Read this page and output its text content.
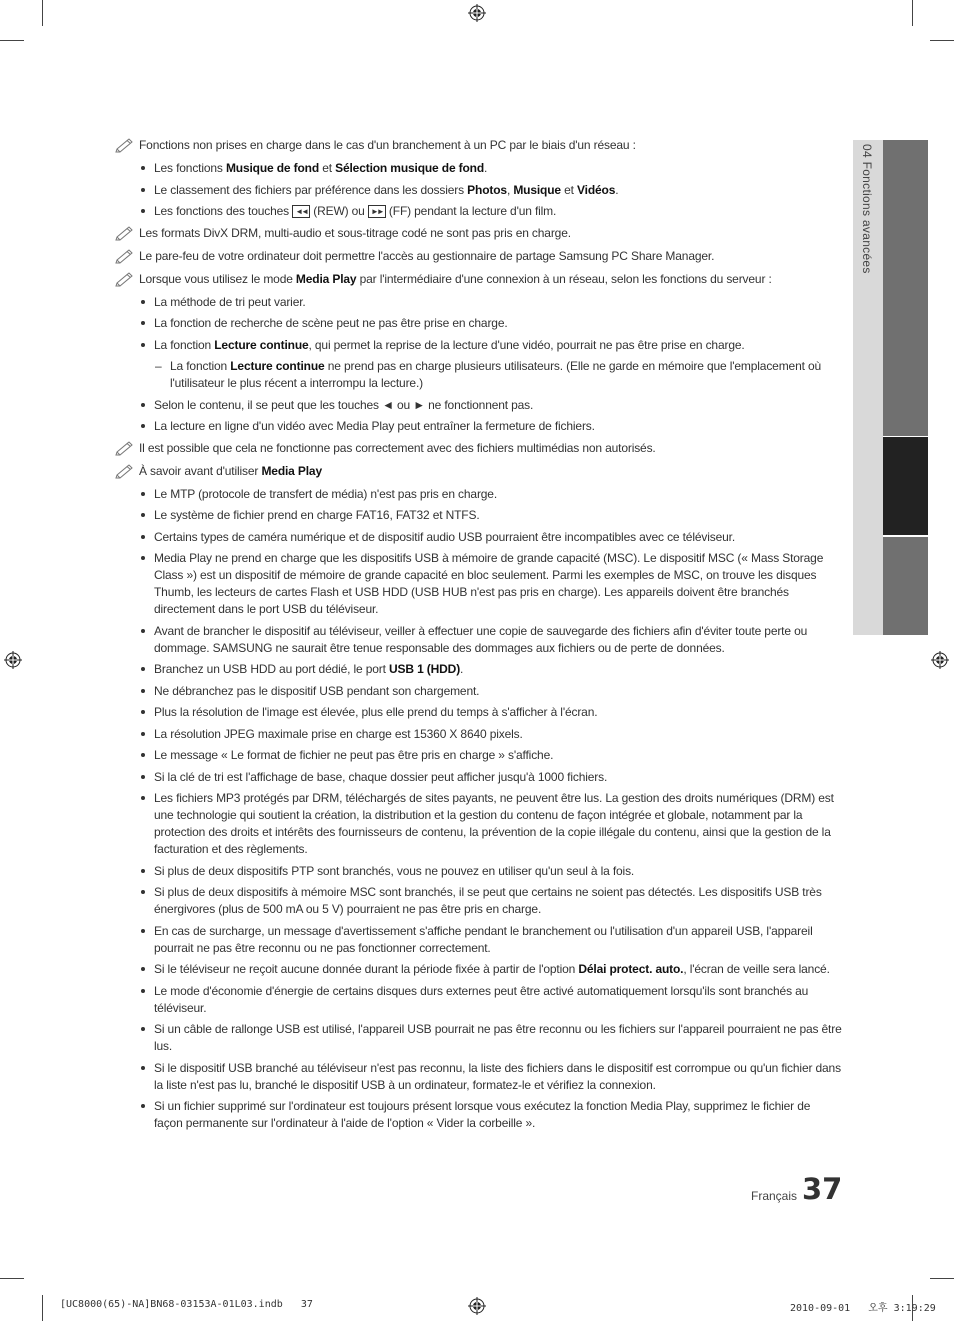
04 Fonctions avancées
Fonctions non prises en charge dans le cas d'un branchement à un PC par le biais d'un réseau :
Les fonctions Musique de fond et Sélection musique de fond.
Le classement des fichiers par préférence dans les dossiers Photos, Musique et Vidéos.
Les fonctions des touches ◄◄ (REW) ou ►► (FF) pendant la lecture d'un film.
Les formats DivX DRM, multi-audio et sous-titrage codé ne sont pas pris en charge.
Le pare-feu de votre ordinateur doit permettre l'accès au gestionnaire de partage Samsung PC Share Manager.
Lorsque vous utilisez le mode Media Play par l'intermédiaire d'une connexion à un réseau, selon les fonctions du serveur :
La méthode de tri peut varier.
La fonction de recherche de scène peut ne pas être prise en charge.
La fonction Lecture continue, qui permet la reprise de la lecture d'une vidéo, pourrait ne pas être prise en charge.
– La fonction Lecture continue ne prend pas en charge plusieurs utilisateurs. (Elle ne garde en mémoire que l'emplacement où l'utilisateur le plus récent a interrompu la lecture.)
Selon le contenu, il se peut que les touches ◄ ou ► ne fonctionnent pas.
La lecture en ligne d'un vidéo avec Media Play peut entraîner la fermeture de fichiers.
Il est possible que cela ne fonctionne pas correctement avec des fichiers multimédias non autorisés.
À savoir avant d'utiliser Media Play
Le MTP (protocole de transfert de média) n'est pas pris en charge.
Le système de fichier prend en charge FAT16, FAT32 et NTFS.
Certains types de caméra numérique et de dispositif audio USB pourraient être incompatibles avec ce téléviseur.
Media Play ne prend en charge que les dispositifs USB à mémoire de grande capacité (MSC). Le dispositif MSC (« Mass Storage Class ») est un dispositif de mémoire de grande capacité en bloc seulement. Parmi les exemples de MSC, on trouve les disques Thumb, les lecteurs de cartes Flash et USB HDD (USB HUB n'est pas pris en charge). Les appareils doivent être branchés directement dans le port USB du téléviseur.
Avant de brancher le dispositif au téléviseur, veiller à effectuer une copie de sauvegarde des fichiers afin d'éviter toute perte ou dommage. SAMSUNG ne saurait être tenue responsable des dommages aux fichiers ou de perte de données.
Branchez un USB HDD au port dédié, le port USB 1 (HDD).
Ne débranchez pas le dispositif USB pendant son chargement.
Plus la résolution de l'image est élevée, plus elle prend du temps à s'afficher à l'écran.
La résolution JPEG maximale prise en charge est 15360 X 8640 pixels.
Le message « Le format de fichier ne peut pas être pris en charge » s'affiche.
Si la clé de tri est l'affichage de base, chaque dossier peut afficher jusqu'à 1000 fichiers.
Les fichiers MP3 protégés par DRM, téléchargés de sites payants, ne peuvent être lus. La gestion des droits numériques (DRM) est une technologie qui soutient la création, la distribution et la gestion du contenu de façon intégrée et globale, notamment par la protection des droits et intérêts des fournisseurs de contenu, la prévention de la copie illégale du contenu, ainsi que la gestion de la facturation et des règlements.
Si plus de deux dispositifs PTP sont branchés, vous ne pouvez en utiliser qu'un seul à la fois.
Si plus de deux dispositifs à mémoire MSC sont branchés, il se peut que certains ne soient pas détectés. Les dispositifs USB très énergivores (plus de 500 mA ou 5 V) pourraient ne pas être pris en charge.
En cas de surcharge, un message d'avertissement s'affiche pendant le branchement ou l'utilisation d'un appareil USB, l'appareil pourrait ne pas être reconnu ou ne pas fonctionner correctement.
Si le téléviseur ne reçoit aucune donnée durant la période fixée à partir de l'option Délai protect. auto., l'écran de veille sera lancé.
Le mode d'économie d'énergie de certains disques durs externes peut être activé automatiquement lorsqu'ils sont branchés au téléviseur.
Si un câble de rallonge USB est utilisé, l'appareil USB pourrait ne pas être reconnu ou les fichiers sur l'appareil pourraient ne pas être lus.
Si le dispositif USB branché au téléviseur n'est pas reconnu, la liste des fichiers dans le dispositif est corrompue ou qu'un fichier dans la liste n'est pas lu, branché le dispositif USB à un ordinateur, formatez-le et vérifiez la connexion.
Si un fichier supprimé sur l'ordinateur est toujours présent lorsque vous exécutez la fonction Media Play, supprimez le fichier de façon permanente sur l'ordinateur à l'aide de l'option « Vider la corbeille ».
Français 37
[UC8000(65)-NA]BN68-03153A-01L03.indb   37	2010-09-01   오후 3:19:29
